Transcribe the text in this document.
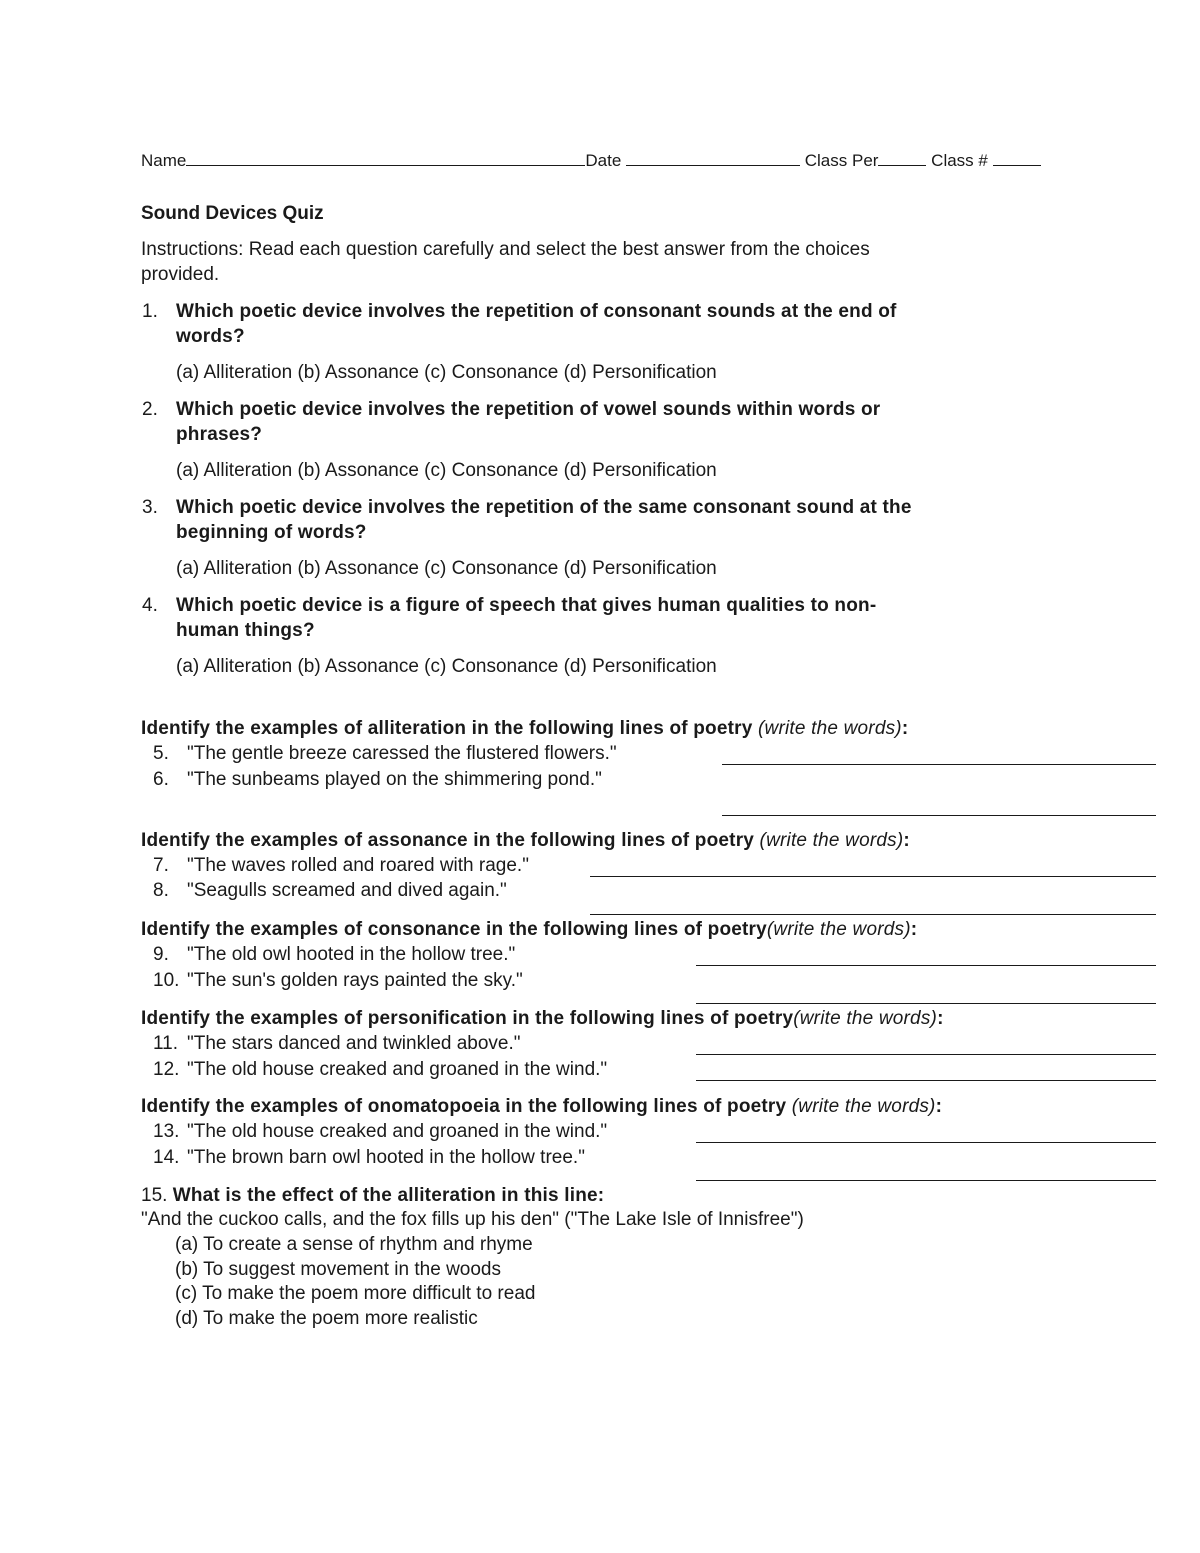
Name	Date	Class Per	Class #
Sound Devices Quiz
Instructions: Read each question carefully and select the best answer from the choices
provided.
1. Which poetic device involves the repetition of consonant sounds at the end of
words?
(a) Alliteration (b) Assonance (c) Consonance (d) Personification
2. Which poetic device involves the repetition of vowel sounds within words or
phrases?
(a) Alliteration (b) Assonance (c) Consonance (d) Personification
3. Which poetic device involves the repetition of the same consonant sound at the
beginning of words?
(a) Alliteration (b) Assonance (c) Consonance (d) Personification
4. Which poetic device is a figure of speech that gives human qualities to non-
human things?
(a) Alliteration (b) Assonance (c) Consonance (d) Personification
Identify the examples of alliteration in the following lines of poetry (write the words):
5. "The gentle breeze caressed the flustered flowers."
6. "The sunbeams played on the shimmering pond."
Identify the examples of assonance in the following lines of poetry (write the words):
7. "The waves rolled and roared with rage."
8. "Seagulls screamed and dived again."
Identify the examples of consonance in the following lines of poetry(write the words):
9. "The old owl hooted in the hollow tree."
10. "The sun's golden rays painted the sky."
Identify the examples of personification in the following lines of poetry(write the words):
11. "The stars danced and twinkled above."
12. "The old house creaked and groaned in the wind."
Identify the examples of onomatopoeia in the following lines of poetry (write the words):
13. "The old house creaked and groaned in the wind."
14. "The brown barn owl hooted in the hollow tree."
15. What is the effect of the alliteration in this line:
"And the cuckoo calls, and the fox fills up his den" ("The Lake Isle of Innisfree")
(a) To create a sense of rhythm and rhyme
(b) To suggest movement in the woods
(c) To make the poem more difficult to read
(d) To make the poem more realistic
